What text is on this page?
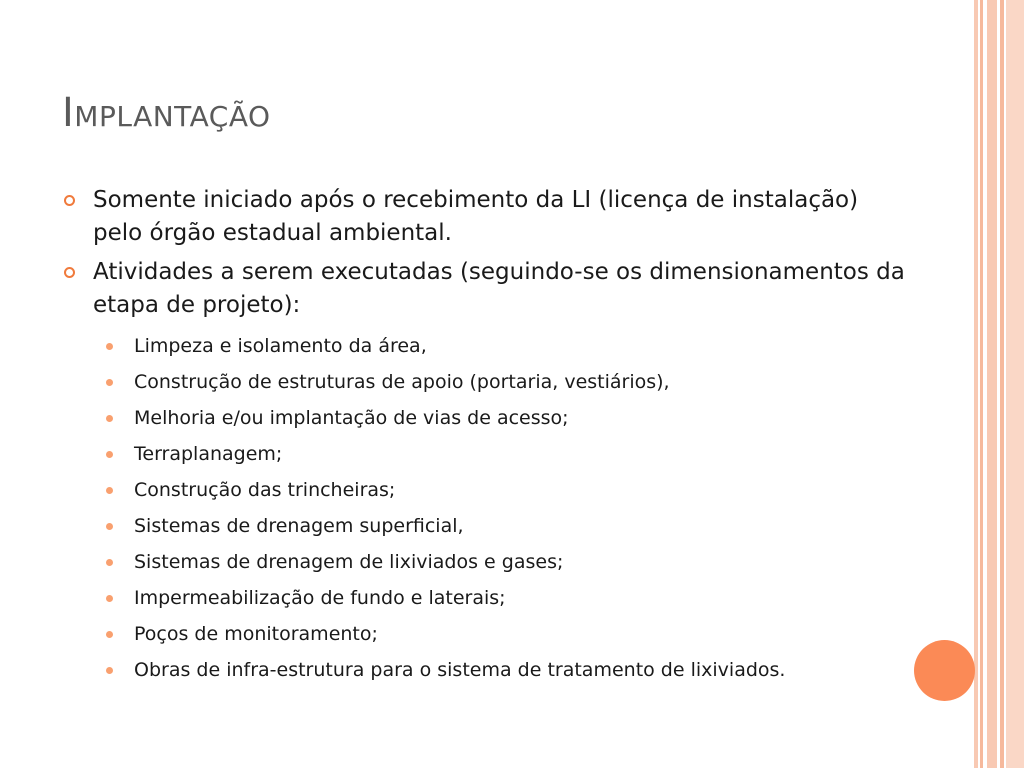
Implantação
Somente iniciado após o recebimento da LI (licença de instalação) pelo órgão estadual ambiental.
Atividades a serem executadas (seguindo-se os dimensionamentos da etapa de projeto):
Limpeza e isolamento da área,
Construção de estruturas de apoio (portaria, vestiários),
Melhoria e/ou implantação de vias de acesso;
Terraplanagem;
Construção das trincheiras;
Sistemas de drenagem superficial,
Sistemas de drenagem de lixiviados e gases;
Impermeabilização de fundo e laterais;
Poços de monitoramento;
Obras de infra-estrutura para o sistema de tratamento de lixiviados.
